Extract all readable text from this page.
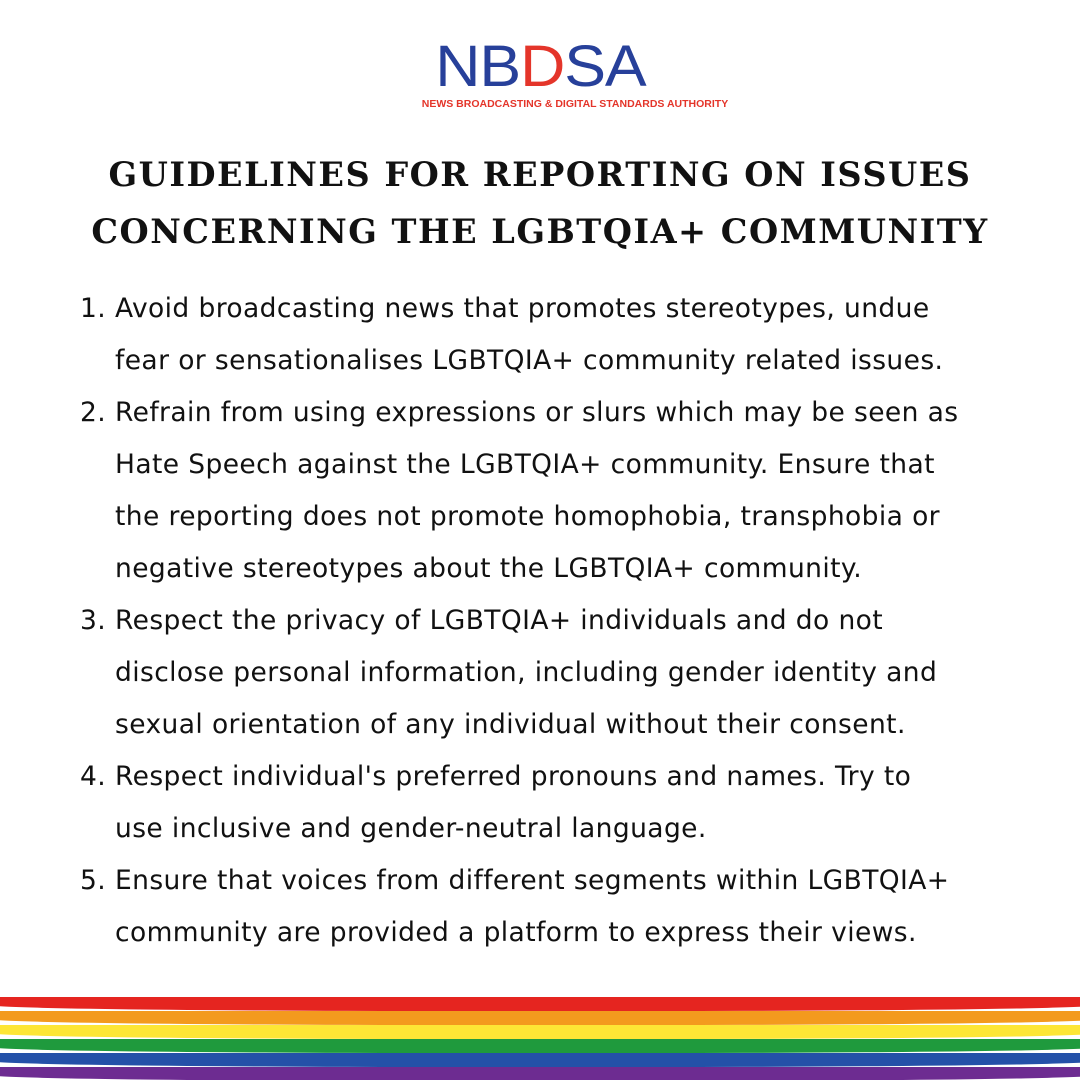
NBDSA
NEWS BROADCASTING & DIGITAL STANDARDS AUTHORITY
GUIDELINES FOR REPORTING ON ISSUES
CONCERNING THE LGBTQIA+ COMMUNITY
1. Avoid broadcasting news that promotes stereotypes, undue
fear or sensationalises LGBTQIA+ community related issues.
2. Refrain from using expressions or slurs which may be seen as
Hate Speech against the LGBTQIA+ community. Ensure that
the reporting does not promote homophobia, transphobia or
negative stereotypes about the LGBTQIA+ community.
3. Respect the privacy of LGBTQIA+ individuals and do not
disclose personal information, including gender identity and
sexual orientation of any individual without their consent.
4. Respect individual's preferred pronouns and names. Try to
use inclusive and gender-neutral language.
5. Ensure that voices from different segments within LGBTQIA+
community are provided a platform to express their views.
